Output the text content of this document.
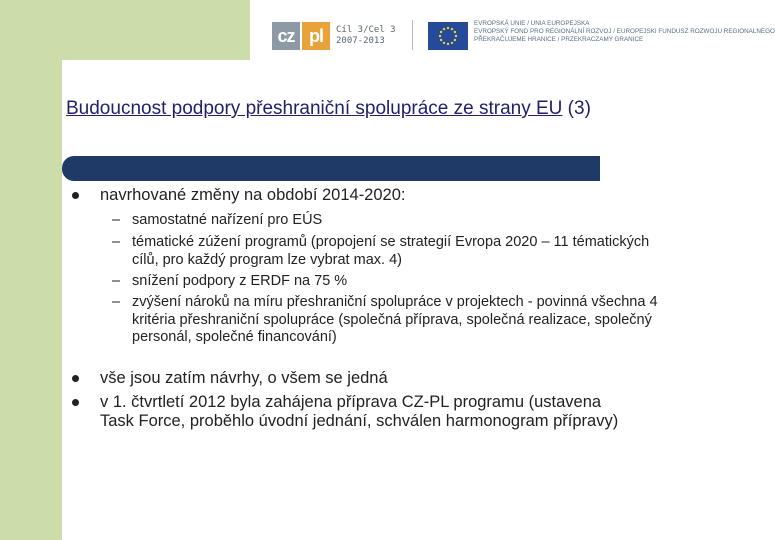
cz pl	Cíl 3/Cel 3
2007-2013
EVROPSKÁ UNIE / UNIA EUROPEJSKA
EVROPSKÝ FOND PRO REGIONÁLNÍ ROZVOJ / EUROPEJSKI FUNDUSZ ROZWOJU REGIONALNEGO
PŘEKRAČUJEME HRANICE / PRZEKRACZAMY GRANICE
Budoucnost podpory přeshraniční spolupráce ze strany EU (3)
navrhované změny na období 2014-2020:
– samostatné nařízení pro EÚS
– tématické zúžení programů (propojení se strategií Evropa 2020 – 11 tématických cílů, pro každý program lze vybrat max. 4)
– snížení podpory z ERDF na 75 %
– zvýšení nároků na míru přeshraniční spolupráce v projektech - povinná všechna 4 kritéria přeshraniční spolupráce (společná příprava, společná realizace, společný personál, společné financování)
vše jsou zatím návrhy, o všem se jedná
v 1. čtvrtletí 2012 byla zahájena příprava CZ-PL programu (ustavena Task Force, proběhlo úvodní jednání, schválen harmonogram přípravy)
